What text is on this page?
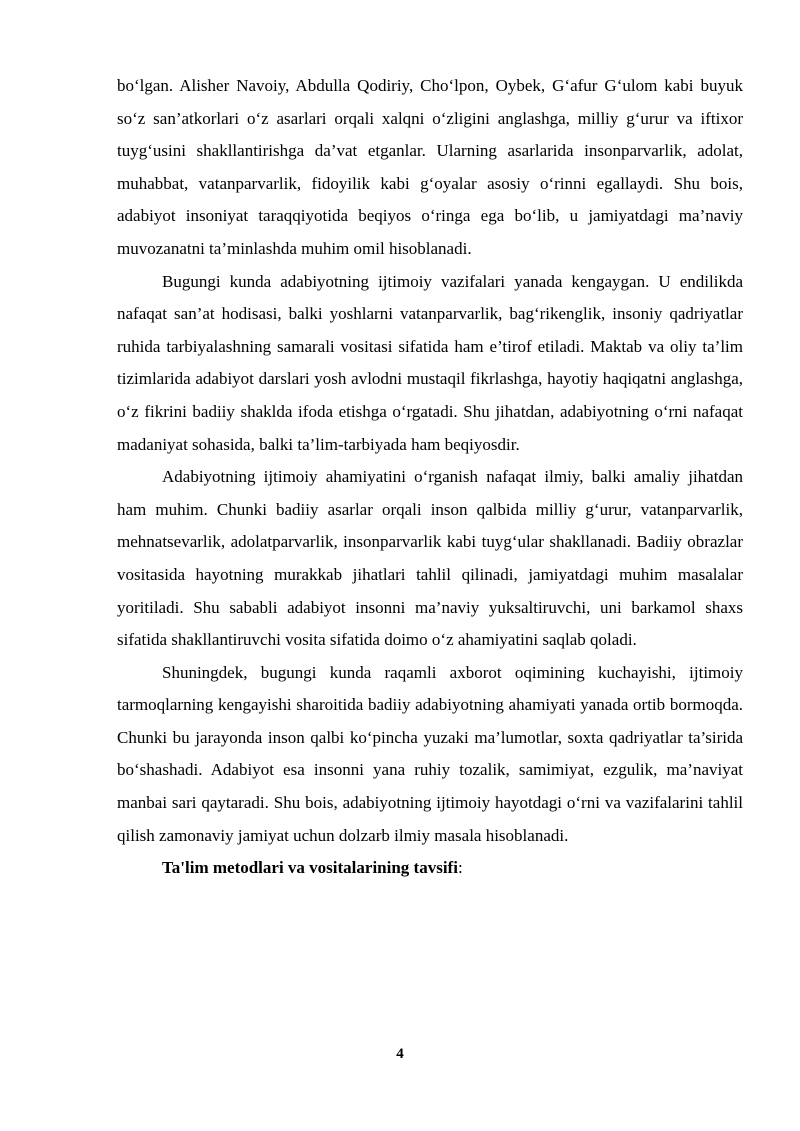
bo‘lgan. Alisher Navoiy, Abdulla Qodiriy, Cho‘lpon, Oybek, G‘afur G‘ulom kabi buyuk so‘z san’atkorlari o‘z asarlari orqali xalqni o‘zligini anglashga, milliy g‘urur va iftixor tuyg‘usini shakllantirishga da’vat etganlar. Ularning asarlarida insonparvarlik, adolat, muhabbat, vatanparvarlik, fidoyilik kabi g‘oyalar asosiy o‘rinni egallaydi. Shu bois, adabiyot insoniyat taraqqiyotida beqiyos o‘ringa ega bo‘lib, u jamiyatdagi ma’naviy muvozanatni ta’minlashda muhim omil hisoblanadi.

Bugungi kunda adabiyotning ijtimoiy vazifalari yanada kengaygan. U endilikda nafaqat san’at hodisasi, balki yoshlarni vatanparvarlik, bag‘rikenglik, insoniy qadriyatlar ruhida tarbiyalashning samarali vositasi sifatida ham e’tirof etiladi. Maktab va oliy ta’lim tizimlarida adabiyot darslari yosh avlodni mustaqil fikrlashga, hayotiy haqiqatni anglashga, o‘z fikrini badiiy shaklda ifoda etishga o‘rgatadi. Shu jihatdan, adabiyotning o‘rni nafaqat madaniyat sohasida, balki ta’lim-tarbiyada ham beqiyosdir.

Adabiyotning ijtimoiy ahamiyatini o‘rganish nafaqat ilmiy, balki amaliy jihatdan ham muhim. Chunki badiiy asarlar orqali inson qalbida milliy g‘urur, vatanparvarlik, mehnatsevarlik, adolatparvarlik, insonparvarlik kabi tuyg‘ular shakllanadi. Badiiy obrazlar vositasida hayotning murakkab jihatlari tahlil qilinadi, jamiyatdagi muhim masalalar yoritiladi. Shu sababli adabiyot insonni ma’naviy yuksaltiruvchi, uni barkamol shaxs sifatida shakllantiruvchi vosita sifatida doimo o‘z ahamiyatini saqlab qoladi.

Shuningdek, bugungi kunda raqamli axborot oqimining kuchayishi, ijtimoiy tarmoqlarning kengayishi sharoitida badiiy adabiyotning ahamiyati yanada ortib bormoqda. Chunki bu jarayonda inson qalbi ko‘pincha yuzaki ma’lumotlar, soxta qadriyatlar ta’sirida bo‘shashadi. Adabiyot esa insonni yana ruhiy tozalik, samimiyat, ezgulik, ma’naviyat manbai sari qaytaradi. Shu bois, adabiyotning ijtimoiy hayotdagi o‘rni va vazifalarini tahlil qilish zamonaviy jamiyat uchun dolzarb ilmiy masala hisoblanadi.

Ta'lim metodlari va vositalarining tavsifi:

4
